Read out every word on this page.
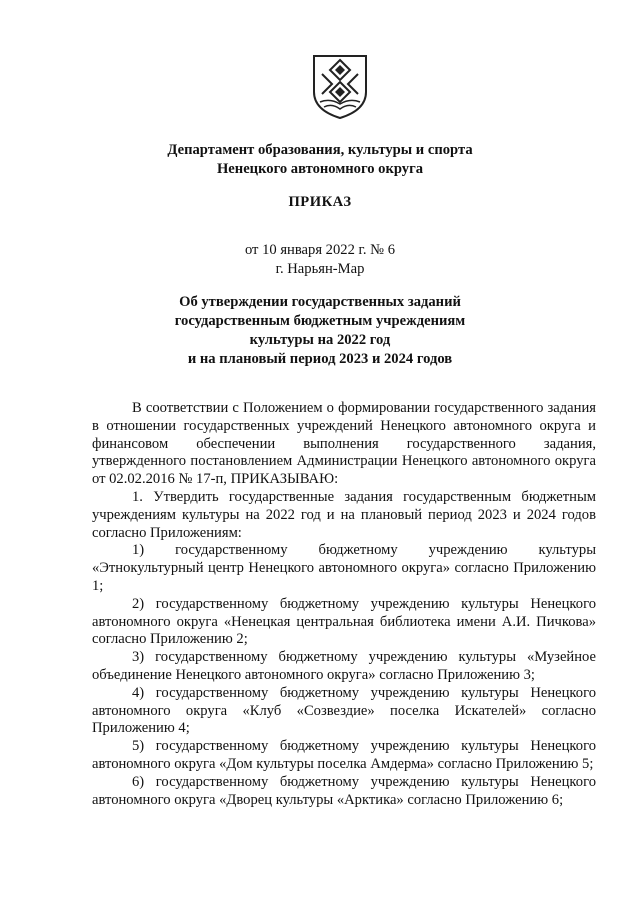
Департамент образования, культуры и спорта
Ненецкого автономного округа
ПРИКАЗ
от 10 января 2022 г. № 6
г. Нарьян-Мар
Об утверждении государственных заданий
государственным бюджетным учреждениям
культуры на 2022 год
и на плановый период 2023 и 2024 годов

В соответствии с Положением о формировании государственного задания в отношении государственных учреждений Ненецкого автономного округа и финансовом обеспечении выполнения государственного задания, утвержденного постановлением Администрации Ненецкого автономного округа от 02.02.2016 № 17-п, ПРИКАЗЫВАЮ:

1. Утвердить государственные задания государственным бюджетным учреждениям культуры на 2022 год и на плановый период 2023 и 2024 годов согласно Приложениям:

1) государственному бюджетному учреждению культуры «Этнокультурный центр Ненецкого автономного округа» согласно Приложению 1;

2) государственному бюджетному учреждению культуры Ненецкого автономного округа «Ненецкая центральная библиотека имени А.И. Пичкова» согласно Приложению 2;

3) государственному бюджетному учреждению культуры «Музейное объединение Ненецкого автономного округа» согласно Приложению 3;

4) государственному бюджетному учреждению культуры Ненецкого автономного округа «Клуб «Созвездие» поселка Искателей» согласно Приложению 4;

5) государственному бюджетному учреждению культуры Ненецкого автономного округа «Дом культуры поселка Амдерма» согласно Приложению 5;

6) государственному бюджетному учреждению культуры Ненецкого автономного округа «Дворец культуры «Арктика» согласно Приложению 6;
